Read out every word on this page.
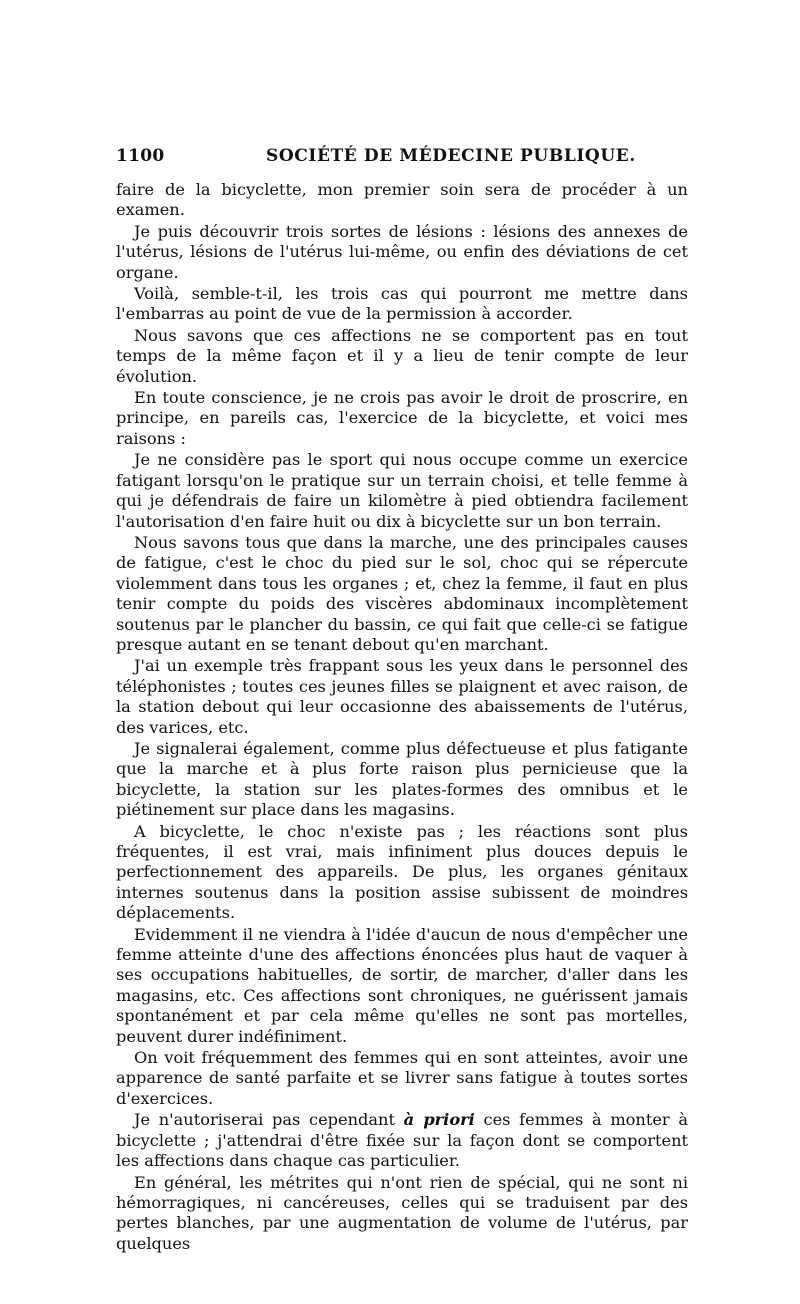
1100	SOCIÉTÉ DE MÉDECINE PUBLIQUE.

faire de la bicyclette, mon premier soin sera de procéder à un examen.

Je puis découvrir trois sortes de lésions : lésions des annexes de l'utérus, lésions de l'utérus lui-même, ou enfin des déviations de cet organe.

Voilà, semble-t-il, les trois cas qui pourront me mettre dans l'embarras au point de vue de la permission à accorder.

Nous savons que ces affections ne se comportent pas en tout temps de la même façon et il y a lieu de tenir compte de leur évolution.

En toute conscience, je ne crois pas avoir le droit de proscrire, en principe, en pareils cas, l'exercice de la bicyclette, et voici mes raisons :

Je ne considère pas le sport qui nous occupe comme un exercice fatigant lorsqu'on le pratique sur un terrain choisi, et telle femme à qui je défendrais de faire un kilomètre à pied obtiendra facilement l'autorisation d'en faire huit ou dix à bicyclette sur un bon terrain.

Nous savons tous que dans la marche, une des principales causes de fatigue, c'est le choc du pied sur le sol, choc qui se répercute violemment dans tous les organes ; et, chez la femme, il faut en plus tenir compte du poids des viscères abdominaux incomplètement soutenus par le plancher du bassin, ce qui fait que celle-ci se fatigue presque autant en se tenant debout qu'en marchant.

J'ai un exemple très frappant sous les yeux dans le personnel des téléphonistes ; toutes ces jeunes filles se plaignent et avec raison, de la station debout qui leur occasionne des abaissements de l'utérus, des varices, etc.

Je signalerai également, comme plus défectueuse et plus fatigante que la marche et à plus forte raison plus pernicieuse que la bicyclette, la station sur les plates-formes des omnibus et le piétinement sur place dans les magasins.

A bicyclette, le choc n'existe pas ; les réactions sont plus fréquentes, il est vrai, mais infiniment plus douces depuis le perfectionnement des appareils. De plus, les organes génitaux internes soutenus dans la position assise subissent de moindres déplacements.

Evidemment il ne viendra à l'idée d'aucun de nous d'empêcher une femme atteinte d'une des affections énoncées plus haut de vaquer à ses occupations habituelles, de sortir, de marcher, d'aller dans les magasins, etc. Ces affections sont chroniques, ne guérissent jamais spontanément et par cela même qu'elles ne sont pas mortelles, peuvent durer indéfiniment.

On voit fréquemment des femmes qui en sont atteintes, avoir une apparence de santé parfaite et se livrer sans fatigue à toutes sortes d'exercices.

Je n'autoriserai pas cependant à priori ces femmes à monter à bicyclette ; j'attendrai d'être fixée sur la façon dont se comportent les affections dans chaque cas particulier.

En général, les métrites qui n'ont rien de spécial, qui ne sont ni hémorragiques, ni cancéreuses, celles qui se traduisent par des pertes blanches, par une augmentation de volume de l'utérus, par quelques
